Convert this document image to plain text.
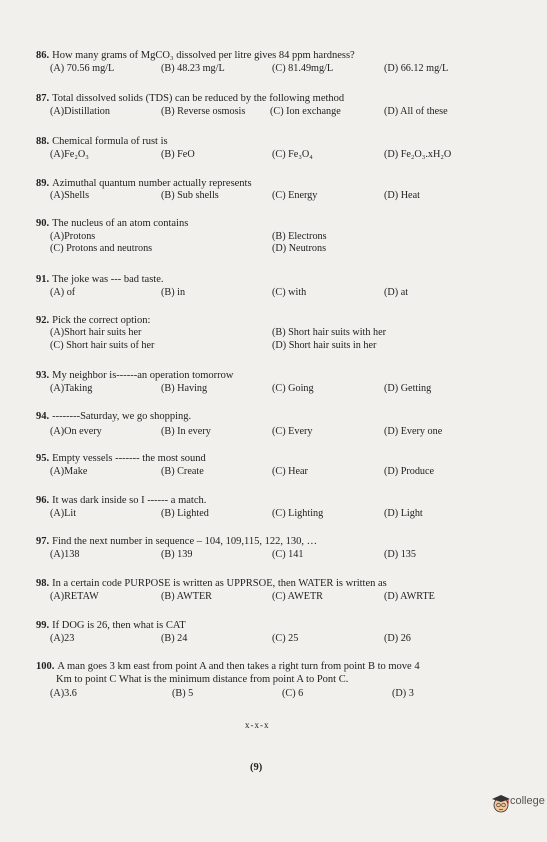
86. How many grams of MgCO₃ dissolved per litre gives 84 ppm hardness?
(A) 70.56 mg/L	(B) 48.23 mg/L	(C) 81.49mg/L	(D) 66.12 mg/L
87. Total dissolved solids (TDS) can be reduced by the following method
(A)Distillation	(B) Reverse osmosis (C) Ion exchange	(D) All of these
88. Chemical formula of rust is
(A)Fe₂O₃	(B) FeO	(C) Fe₃O₄	(D) Fe₂O₃.xH₂O
89. Azimuthal quantum number actually represents
(A)Shells	(B) Sub shells	(C) Energy	(D) Heat
90. The nucleus of an atom contains
(A)Protons	(B) Electrons
(C) Protons and neutrons	(D) Neutrons
91. The joke was --- bad taste.
(A) of	(B) in	(C) with	(D) at
92. Pick the correct option:
(A)Short hair suits her	(B) Short hair suits with her
(C) Short hair suits of her	(D) Short hair suits in her
93. My neighbor is------an operation tomorrow
(A)Taking	(B) Having	(C) Going	(D) Getting
94. --------Saturday, we go shopping.
(A)On every	(B) In every	(C) Every	(D) Every one
95. Empty vessels ------- the most sound
(A)Make	(B) Create	(C) Hear	(D) Produce
96. It was dark inside so I ------ a match.
(A)Lit	(B) Lighted	(C) Lighting	(D) Light
97. Find the next number in sequence – 104, 109,115, 122, 130, …
(A)138	(B) 139	(C) 141	(D) 135
98. In a certain code PURPOSE is written as UPPRSOE, then WATER is written as
(A)RETAW	(B) AWTER	(C) AWETR	(D) AWRTE
99. If DOG is 26, then what is CAT
(A)23	(B) 24	(C) 25	(D) 26
100. A man goes 3 km east from point A and then takes a right turn from point B to move 4
Km to point C What is the minimum distance from point A to Pont C.
(A)3.6	(B) 5	(C) 6	(D) 3
x-x-x
(9)
college
